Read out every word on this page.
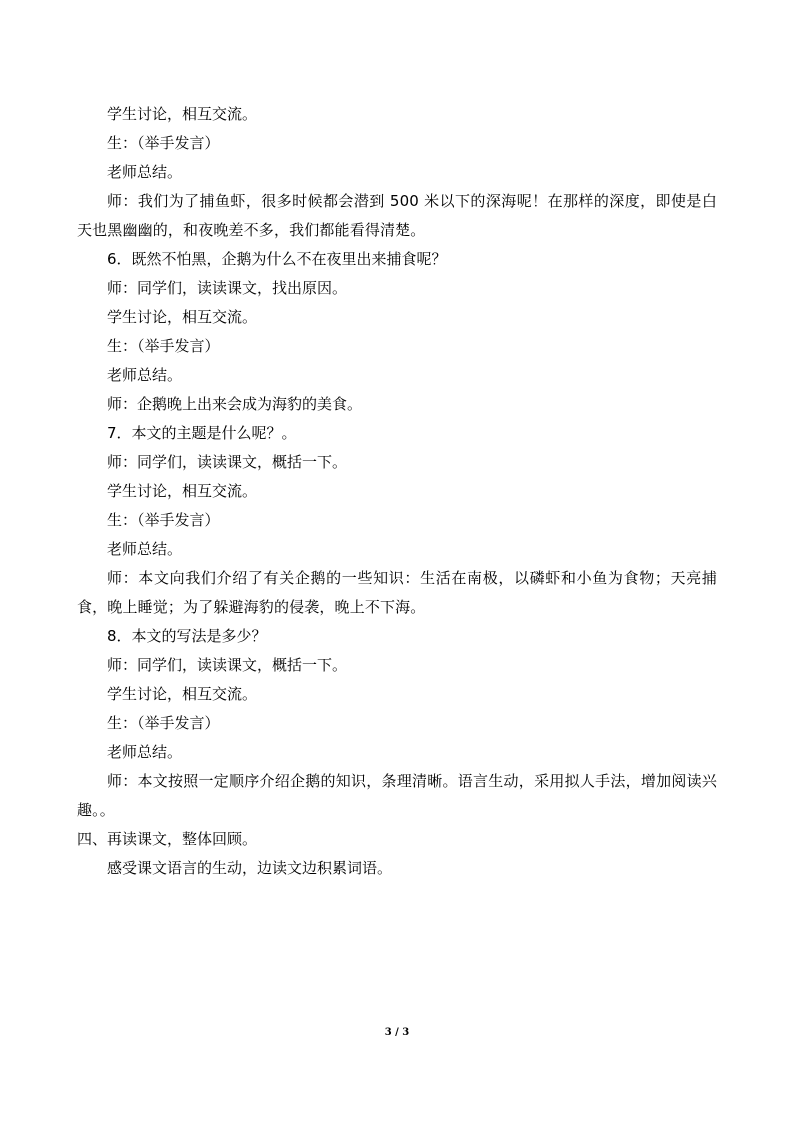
学生讨论，相互交流。
生：（举手发言）
老师总结。
师：我们为了捕鱼虾，很多时候都会潜到 500 米以下的深海呢！在那样的深度，即使是白天也黑幽幽的，和夜晚差不多，我们都能看得清楚。
6．既然不怕黑，企鹅为什么不在夜里出来捕食呢？
师：同学们，读读课文，找出原因。
学生讨论，相互交流。
生：（举手发言）
老师总结。
师：企鹅晚上出来会成为海豹的美食。
7．本文的主题是什么呢？。
师：同学们，读读课文，概括一下。
学生讨论，相互交流。
生：（举手发言）
老师总结。
师：本文向我们介绍了有关企鹅的一些知识：生活在南极，以磷虾和小鱼为食物；天亮捕食，晚上睡觉；为了躲避海豹的侵袭，晚上不下海。
8．本文的写法是多少？
师：同学们，读读课文，概括一下。
学生讨论，相互交流。
生：（举手发言）
老师总结。
师：本文按照一定顺序介绍企鹅的知识，条理清晰。语言生动，采用拟人手法，增加阅读兴趣。。
四、再读课文，整体回顾。
感受课文语言的生动，边读文边积累词语。
3 / 3
